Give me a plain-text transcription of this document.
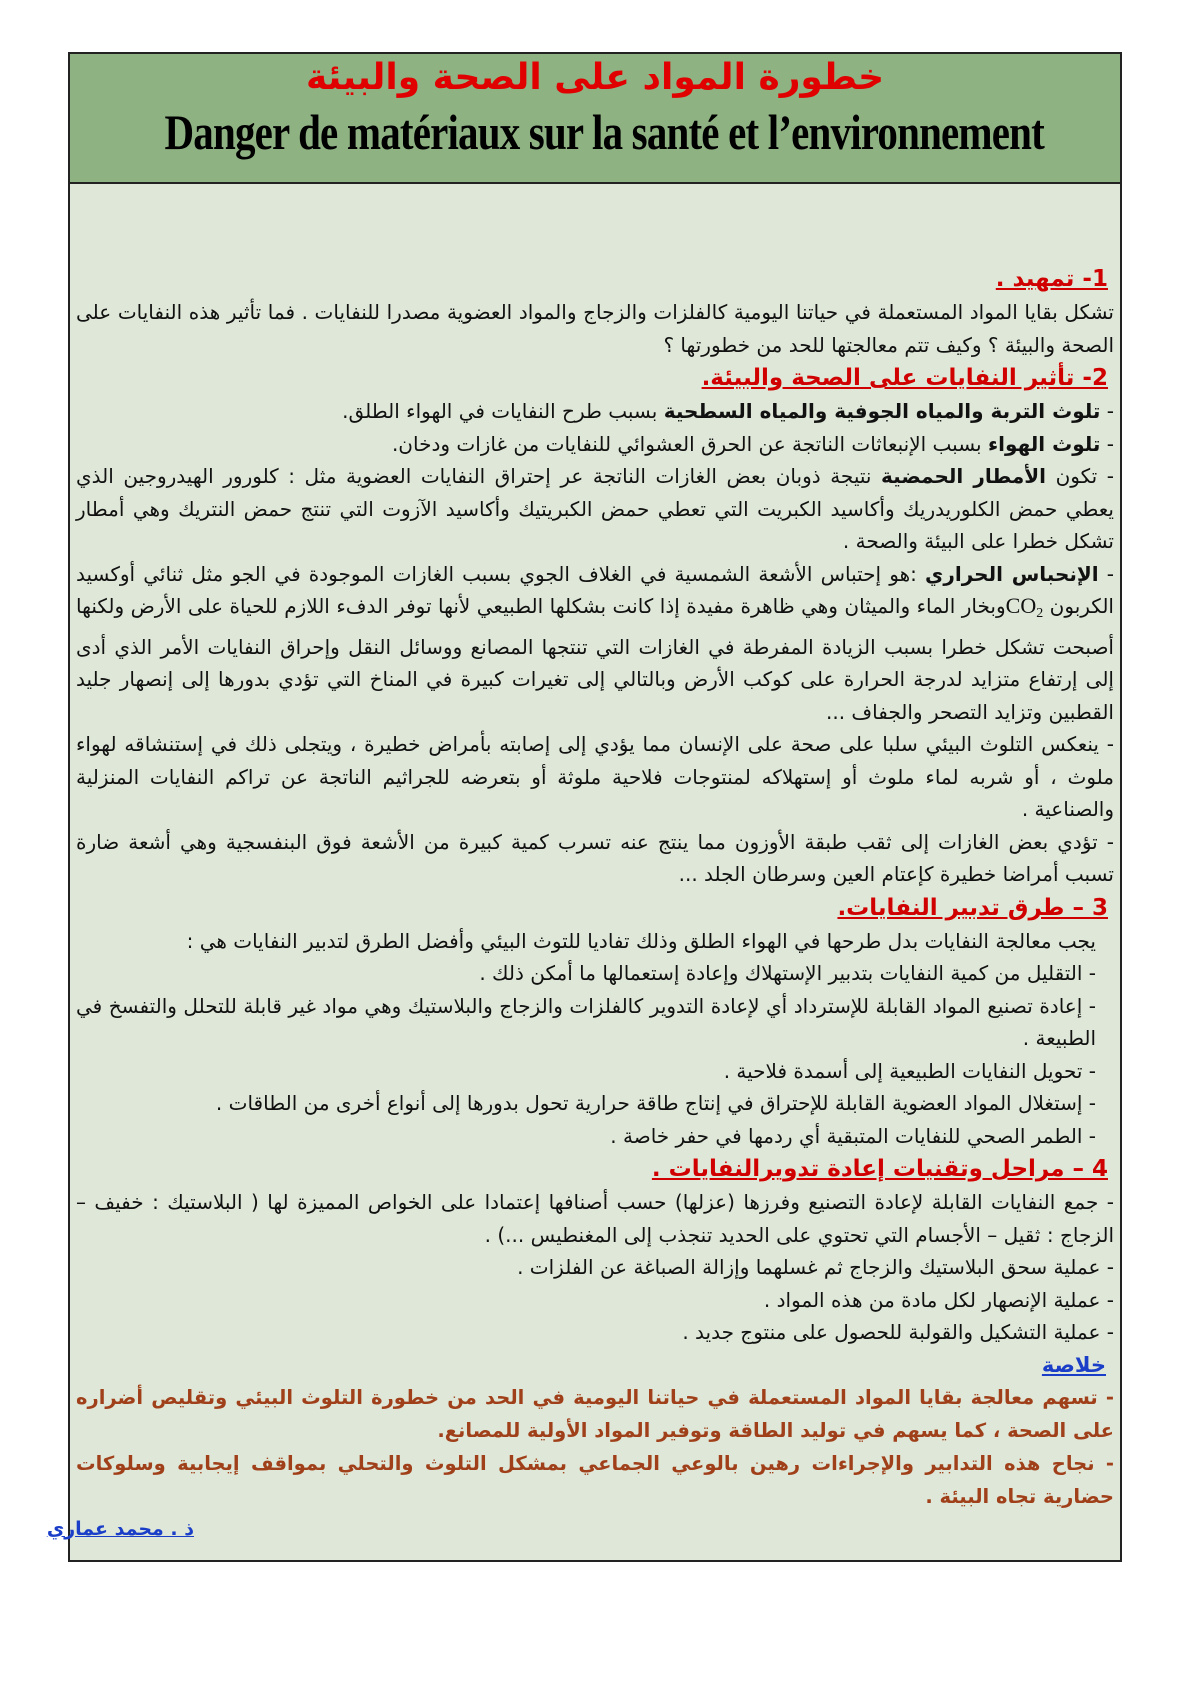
خطورة المواد على الصحة والبيئة
Danger de matériaux sur la santé et l’environnement

1- تمهيد .

تشكل بقايا المواد المستعملة في حياتنا اليومية كالفلزات والزجاج والمواد العضوية مصدرا للنفايات . فما تأثير هذه النفايات على الصحة والبيئة ؟ وكيف تتم معالجتها للحد من خطورتها ؟

2- تأثير النفايات على الصحة والبيئة.

- تلوث التربة والمياه الجوفية والمياه السطحية بسبب طرح النفايات في الهواء الطلق.

- تلوث الهواء بسبب الإنبعاثات الناتجة عن الحرق العشوائي للنفايات من غازات ودخان.

- تكون الأمطار الحمضية نتيجة ذوبان بعض الغازات الناتجة عر إحتراق النفايات العضوية مثل : كلورور الهيدروجين الذي يعطي حمض الكلوريدريك وأكاسيد الكبريت التي تعطي حمض الكبريتيك وأكاسيد الآزوت التي تنتج حمض النتريك وهي أمطار تشكل خطرا على البيئة والصحة .

- الإنحباس الحراري :هو إحتباس الأشعة الشمسية في الغلاف الجوي بسبب الغازات الموجودة في الجو مثل ثنائي أوكسيد الكربون CO2وبخار الماء والميثان وهي ظاهرة مفيدة إذا كانت بشكلها الطبيعي لأنها توفر الدفء اللازم للحياة على الأرض ولكنها أصبحت تشكل خطرا بسبب الزيادة المفرطة في الغازات التي تنتجها المصانع ووسائل النقل وإحراق النفايات الأمر الذي أدى إلى إرتفاع متزايد لدرجة الحرارة على كوكب الأرض وبالتالي إلى تغيرات كبيرة في المناخ التي تؤدي بدورها إلى إنصهار جليد القطبين وتزايد التصحر والجفاف ...

- ينعكس التلوث البيئي سلبا على صحة على الإنسان مما يؤدي إلى إصابته بأمراض خطيرة ، ويتجلى ذلك في إستنشاقه لهواء ملوث ، أو شربه لماء ملوث أو إستهلاكه لمنتوجات فلاحية ملوثة أو بتعرضه للجراثيم الناتجة عن تراكم النفايات المنزلية والصناعية .

- تؤدي بعض الغازات إلى ثقب طبقة الأوزون مما ينتج عنه تسرب كمية كبيرة من الأشعة فوق البنفسجية وهي أشعة ضارة تسبب أمراضا خطيرة كإعتام العين وسرطان الجلد ...

3 – طرق تدبير النفايات.

يجب معالجة النفايات بدل طرحها في الهواء الطلق وذلك تفاديا للتوث البيئي وأفضل الطرق لتدبير النفايات هي :

- التقليل من كمية النفايات بتدبير الإستهلاك وإعادة إستعمالها ما أمكن ذلك .

- إعادة تصنيع المواد القابلة للإسترداد أي لإعادة التدوير كالفلزات والزجاج والبلاستيك وهي مواد غير قابلة للتحلل والتفسخ في الطبيعة .

- تحويل النفايات الطبيعية إلى أسمدة فلاحية .

- إستغلال المواد العضوية القابلة للإحتراق في إنتاج طاقة حرارية تحول بدورها إلى أنواع أخرى من الطاقات .

- الطمر الصحي للنفايات المتبقية أي ردمها في حفر خاصة .

4 – مراحل وتقنيات إعادة تدويرالنفايات .

- جمع النفايات القابلة لإعادة التصنيع وفرزها (عزلها) حسب أصنافها إعتمادا على الخواص المميزة لها ( البلاستيك : خفيف – الزجاج : ثقيل – الأجسام التي تحتوي على الحديد تنجذب إلى المغنطيس ...) .

- عملية سحق البلاستيك والزجاج ثم غسلهما وإزالة الصباغة عن الفلزات .

- عملية الإنصهار لكل مادة من هذه المواد .

- عملية التشكيل والقولبة للحصول على منتوج جديد .

خلاصة

- تسهم معالجة بقايا المواد المستعملة في حياتنا اليومية في الحد من خطورة التلوث البيئي وتقليص أضراره على الصحة ، كما يسهم في توليد الطاقة وتوفير المواد الأولية للمصانع.

- نجاح هذه التدابير والإجراءات رهين بالوعي الجماعي بمشكل التلوث والتحلي بمواقف إيجابية وسلوكات حضارية تجاه البيئة .

ذ . محمد عماري
